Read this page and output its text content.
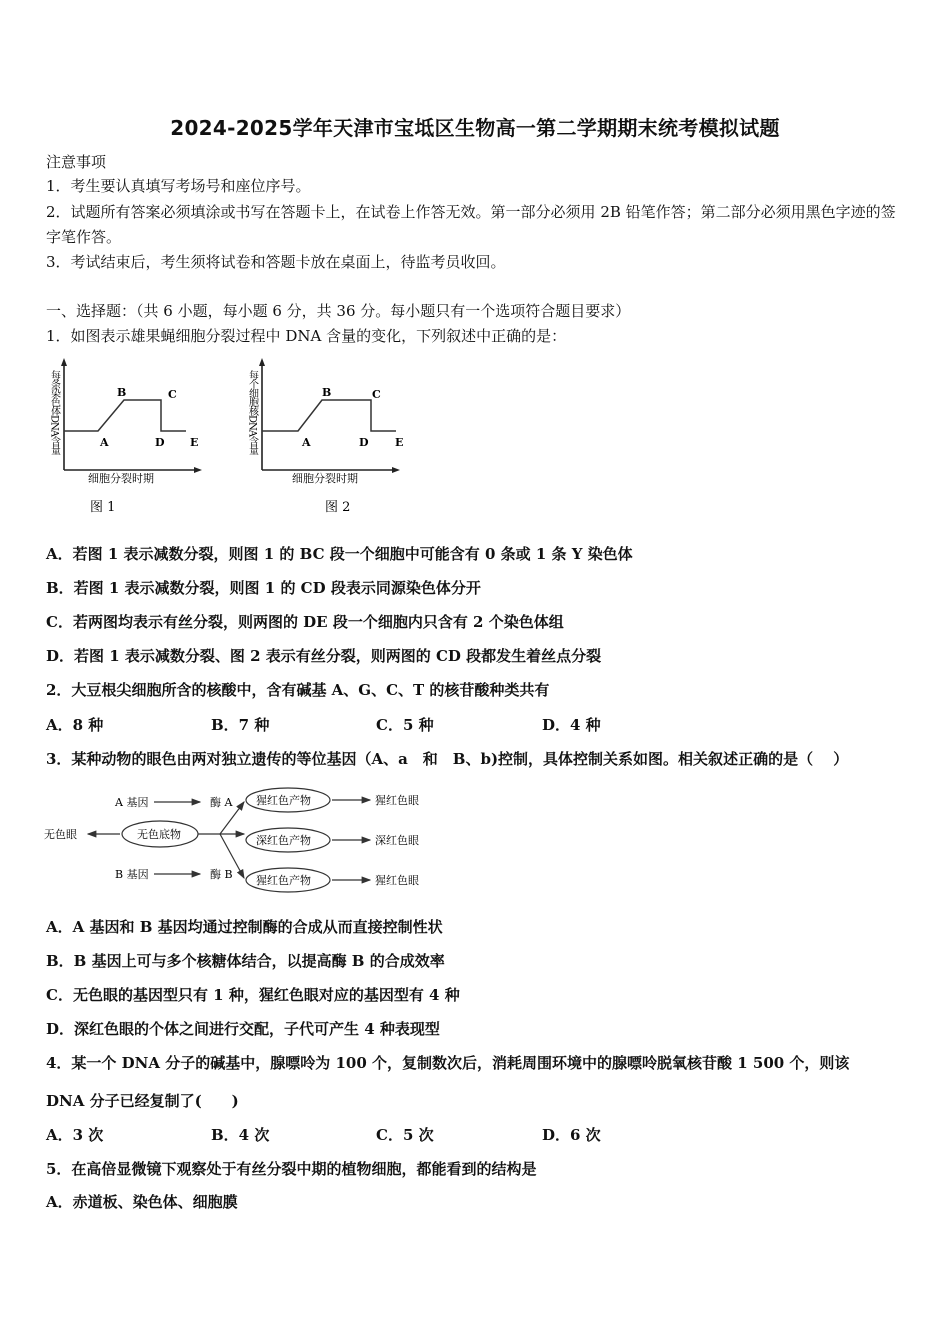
2024-2025学年天津市宝坻区生物高一第二学期期末统考模拟试题
注意事项
1．考生要认真填写考场号和座位序号。
2．试题所有答案必须填涂或书写在答题卡上，在试卷上作答无效。第一部分必须用 2B 铅笔作答；第二部分必须用黑色字迹的签字笔作答。
3．考试结束后，考生须将试卷和答题卡放在桌面上，待监考员收回。
一、选择题：（共 6 小题，每小题 6 分，共 36 分。每小题只有一个选项符合题目要求）
1．如图表示雄果蝇细胞分裂过程中 DNA 含量的变化，下列叙述中正确的是：
每条染色体DNA含量	A
B	C
D E
细胞分裂时期
图 1
每个细胞核DNA含量	A
B	C
D E
细胞分裂时期
图 2
A．若图 1 表示减数分裂，则图 1 的 BC 段一个细胞中可能含有 0 条或 1 条 Y 染色体
B．若图 1 表示减数分裂，则图 1 的 CD 段表示同源染色体分开
C．若两图均表示有丝分裂，则两图的 DE 段一个细胞内只含有 2 个染色体组
D．若图 1 表示减数分裂、图 2 表示有丝分裂，则两图的 CD 段都发生着丝点分裂
2．大豆根尖细胞所含的核酸中，含有碱基 A、G、C、T 的核苷酸种类共有
A．8 种	B．7 种	C．5 种	D．4 种
3．某种动物的眼色由两对独立遗传的等位基因（A、a　和　B、b)控制，具体控制关系如图。相关叙述正确的是（　 ）
A 基因	酶 A
无色眼	无色底物
B 基因	酶 B
猩红色产物
深红色产物
猩红色产物
猩红色眼
深红色眼
猩红色眼
A．A 基因和 B 基因均通过控制酶的合成从而直接控制性状
B．B 基因上可与多个核糖体结合，以提高酶 B 的合成效率
C．无色眼的基因型只有 1 种，猩红色眼对应的基因型有 4 种
D．深红色眼的个体之间进行交配，子代可产生 4 种表现型
4．某一个 DNA 分子的碱基中，腺嘌呤为 100 个，复制数次后，消耗周围环境中的腺嘌呤脱氧核苷酸 1 500 个，则该
DNA 分子已经复制了(　　)
A．3 次	B．4 次	C．5 次	D．6 次
5．在高倍显微镜下观察处于有丝分裂中期的植物细胞，都能看到的结构是
A．赤道板、染色体、细胞膜
